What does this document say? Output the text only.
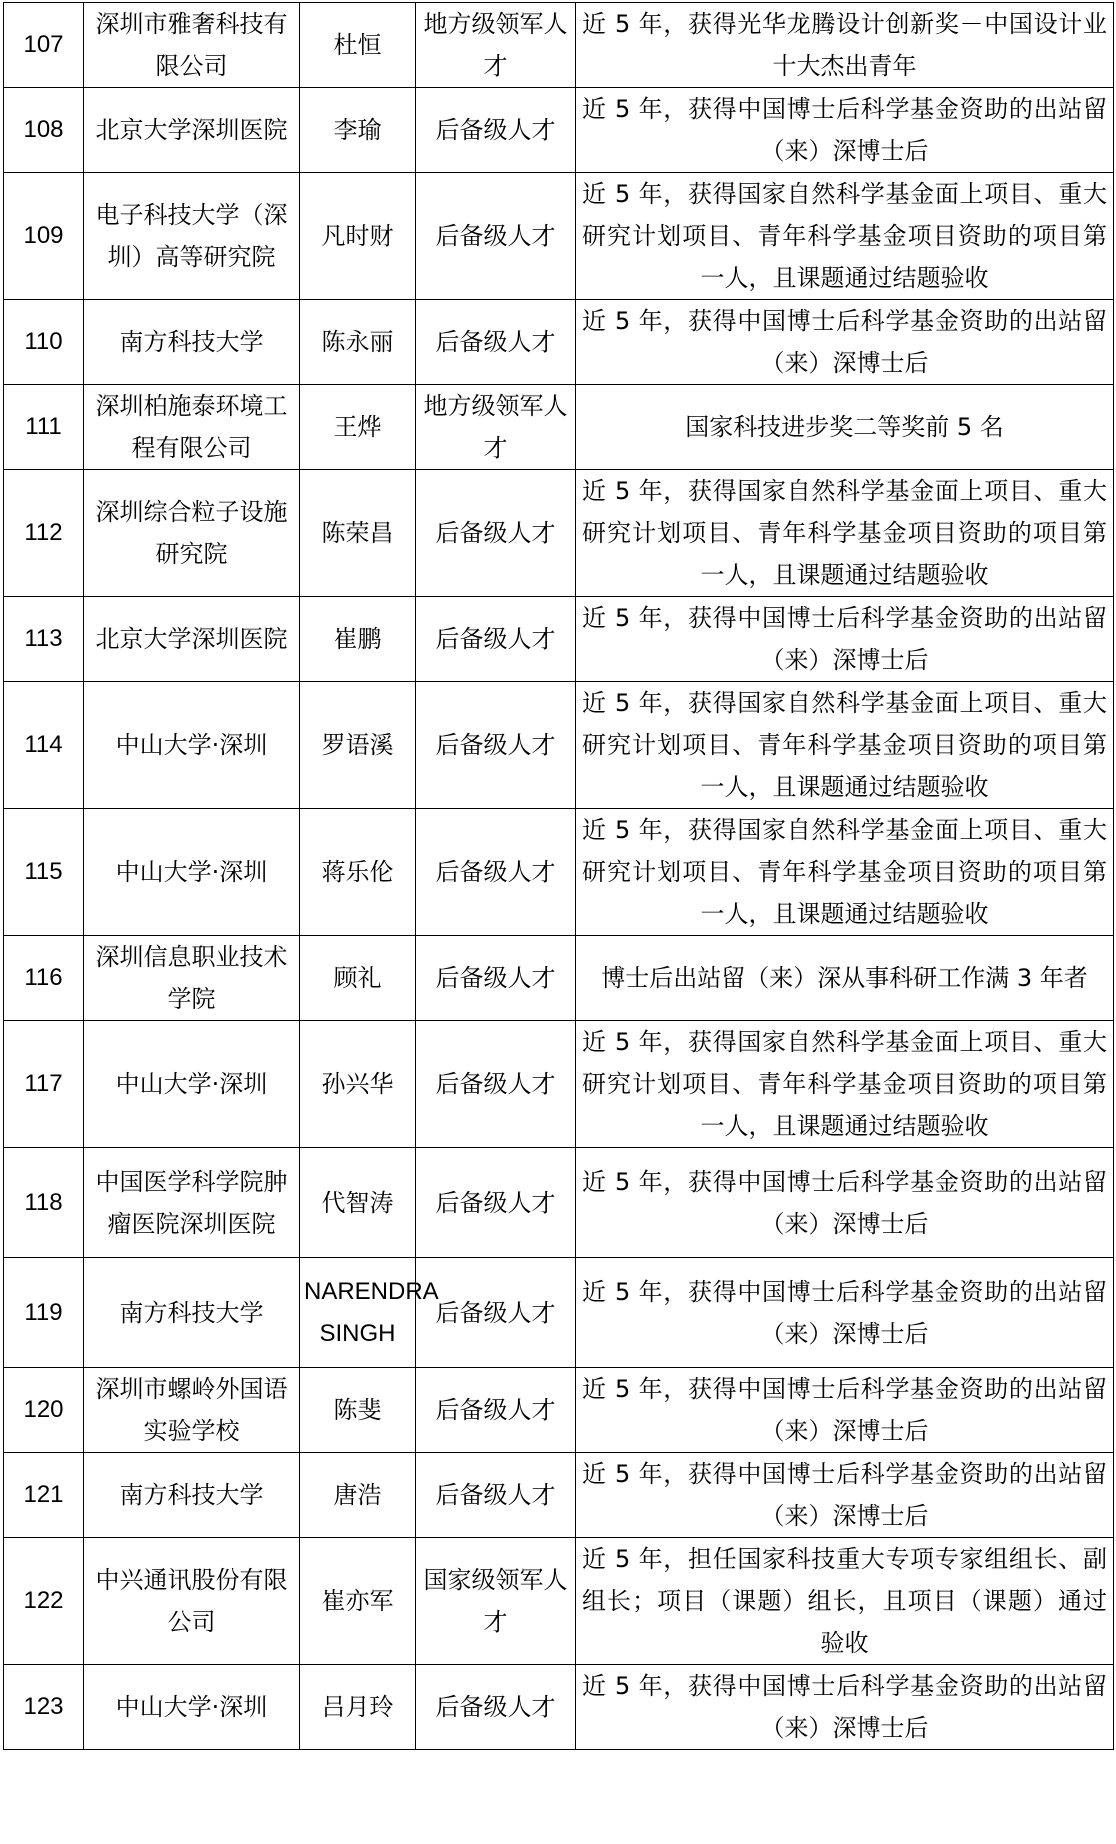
107	深圳市雅奢科技有限公司	杜恒	地方级领军人才	近 5 年，获得光华龙腾设计创新奖－中国设计业十大杰出青年
108	北京大学深圳医院	李瑜	后备级人才	近 5 年，获得中国博士后科学基金资助的出站留（来）深博士后
109	电子科技大学（深圳）高等研究院	凡时财	后备级人才	近 5 年，获得国家自然科学基金面上项目、重大研究计划项目、青年科学基金项目资助的项目第一人，且课题通过结题验收
110	南方科技大学	陈永丽	后备级人才	近 5 年，获得中国博士后科学基金资助的出站留（来）深博士后
111	深圳柏施泰环境工程有限公司	王烨	地方级领军人才	国家科技进步奖二等奖前 5 名
112	深圳综合粒子设施研究院	陈荣昌	后备级人才	近 5 年，获得国家自然科学基金面上项目、重大研究计划项目、青年科学基金项目资助的项目第一人，且课题通过结题验收
113	北京大学深圳医院	崔鹏	后备级人才	近 5 年，获得中国博士后科学基金资助的出站留（来）深博士后
114	中山大学·深圳	罗语溪	后备级人才	近 5 年，获得国家自然科学基金面上项目、重大研究计划项目、青年科学基金项目资助的项目第一人，且课题通过结题验收
115	中山大学·深圳	蒋乐伦	后备级人才	近 5 年，获得国家自然科学基金面上项目、重大研究计划项目、青年科学基金项目资助的项目第一人，且课题通过结题验收
116	深圳信息职业技术学院	顾礼	后备级人才	博士后出站留（来）深从事科研工作满 3 年者
117	中山大学·深圳	孙兴华	后备级人才	近 5 年，获得国家自然科学基金面上项目、重大研究计划项目、青年科学基金项目资助的项目第一人，且课题通过结题验收
118	中国医学科学院肿瘤医院深圳医院	代智涛	后备级人才	近 5 年，获得中国博士后科学基金资助的出站留（来）深博士后
119	南方科技大学	NARENDRA SINGH	后备级人才	近 5 年，获得中国博士后科学基金资助的出站留（来）深博士后
120	深圳市螺岭外国语实验学校	陈斐	后备级人才	近 5 年，获得中国博士后科学基金资助的出站留（来）深博士后
121	南方科技大学	唐浩	后备级人才	近 5 年，获得中国博士后科学基金资助的出站留（来）深博士后
122	中兴通讯股份有限公司	崔亦军	国家级领军人才	近 5 年，担任国家科技重大专项专家组组长、副组长；项目（课题）组长，且项目（课题）通过验收
123	中山大学·深圳	吕月玲	后备级人才	近 5 年，获得中国博士后科学基金资助的出站留（来）深博士后
